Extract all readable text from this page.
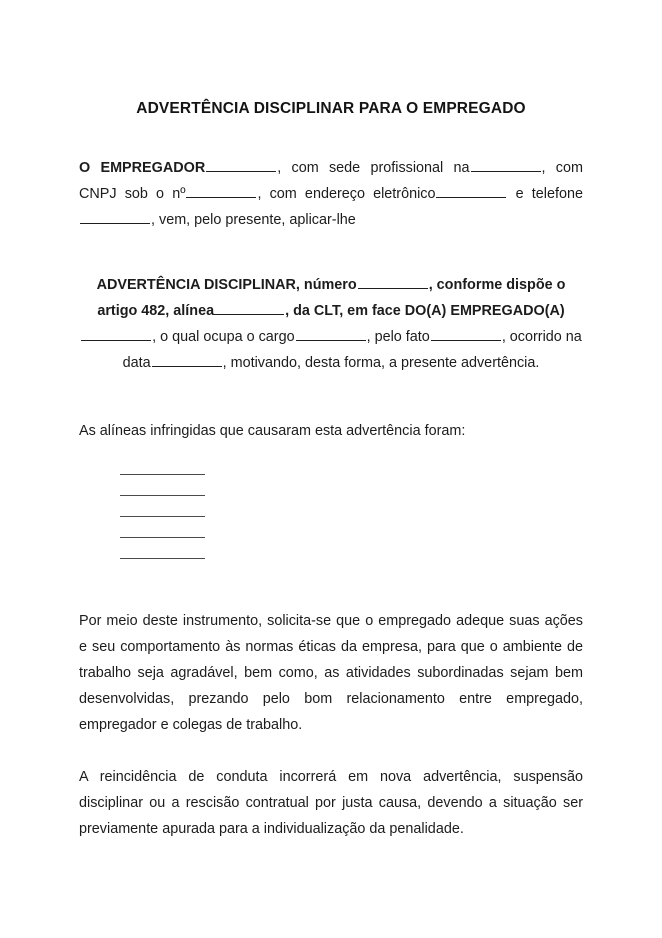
ADVERTÊNCIA DISCIPLINAR PARA O EMPREGADO

O EMPREGADOR	, com sede profissional na	, com CNPJ sob o nº	, com endereço eletrônico	e telefone, vem, pelo presente, aplicar-lhe

ADVERTÊNCIA DISCIPLINAR, número	, conforme dispõe o artigo 482, alínea	, da CLT, em face DO(A) EMPREGADO(A), o qual ocupa o cargo	, pelo fato	, ocorrido na data	, motivando, desta forma, a presente advertência.

As alíneas infringidas que causaram esta advertência foram:

Por meio deste instrumento, solicita-se que o empregado adeque suas ações e seu comportamento às normas éticas da empresa, para que o ambiente de trabalho seja agradável, bem como, as atividades subordinadas sejam bem desenvolvidas, prezando pelo bom relacionamento entre empregado, empregador e colegas de trabalho.

A reincidência de conduta incorrerá em nova advertência, suspensão disciplinar ou a rescisão contratual por justa causa, devendo a situação ser previamente apurada para a individualização da penalidade.
